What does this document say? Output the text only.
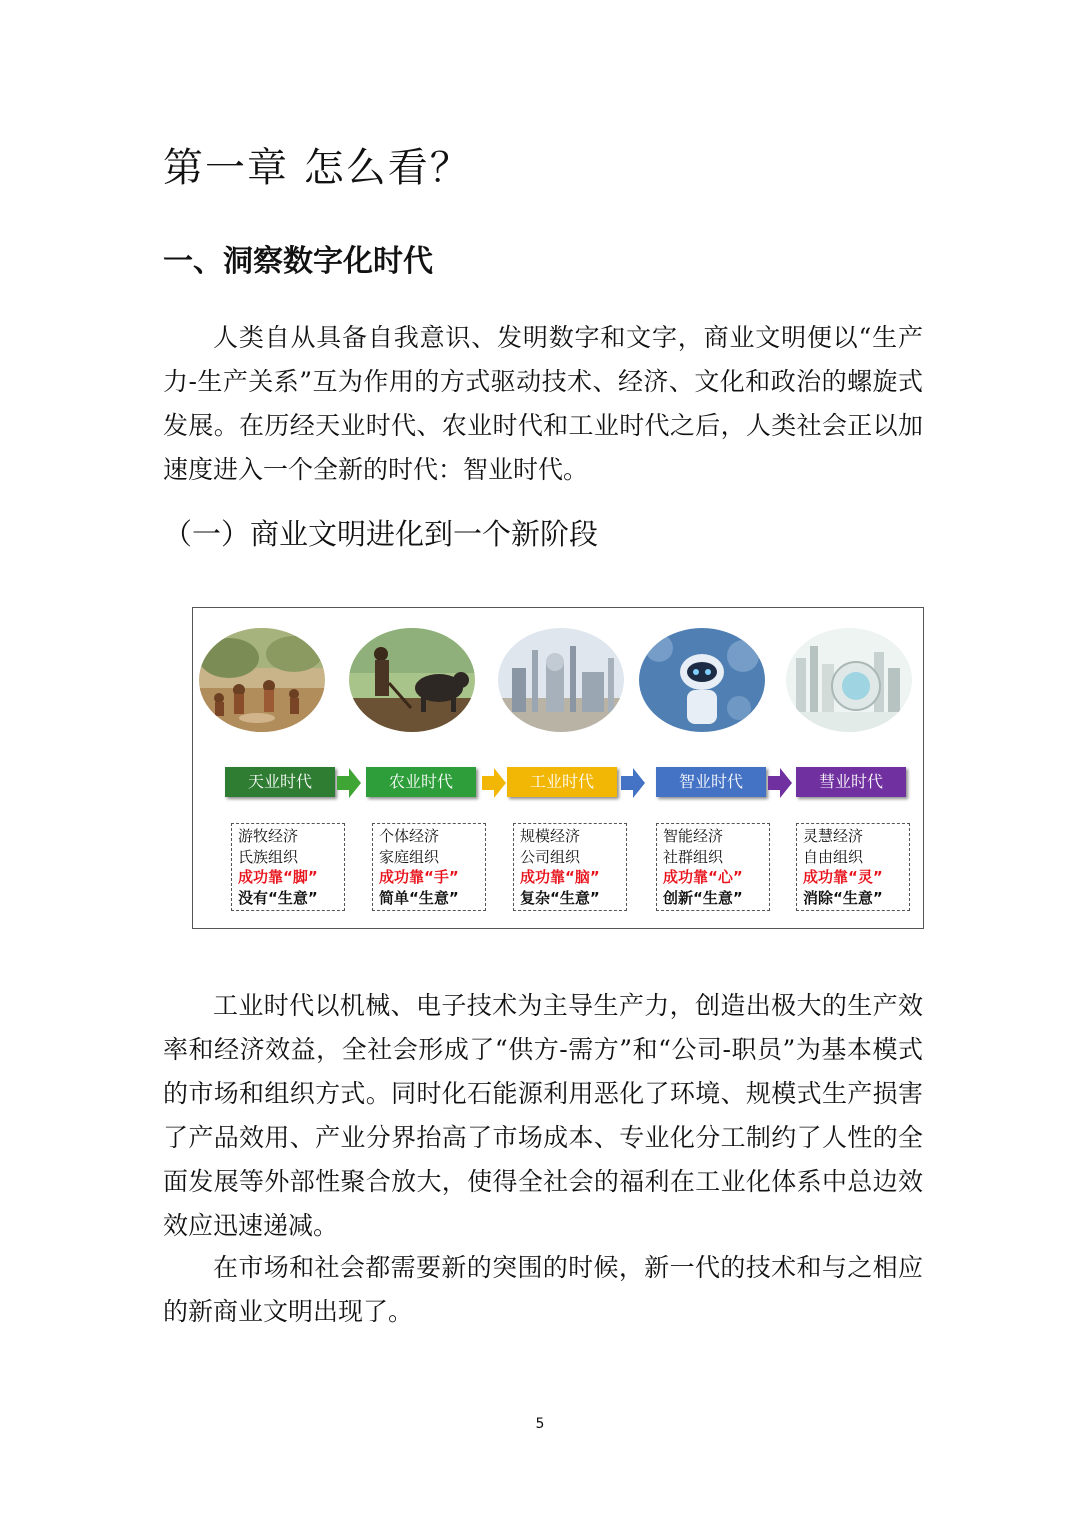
第一章 怎么看？
一、洞察数字化时代

人类自从具备自我意识、发明数字和文字，商业文明便以“生产力-生产关系”互为作用的方式驱动技术、经济、文化和政治的螺旋式发展。在历经天业时代、农业时代和工业时代之后，人类社会正以加速度进入一个全新的时代：智业时代。

（一）商业文明进化到一个新阶段
天业时代
游牧经济
氏族组织
成功靠“脚”
没有“生意”
农业时代
个体经济
家庭组织
成功靠“手”
简单“生意”
工业时代
规模经济
公司组织
成功靠“脑”
复杂“生意”
智业时代
智能经济
社群组织
成功靠“心”
创新“生意”
彗业时代
灵慧经济
自由组织
成功靠“灵”
消除“生意”

工业时代以机械、电子技术为主导生产力，创造出极大的生产效率和经济效益，全社会形成了“供方-需方”和“公司-职员”为基本模式的市场和组织方式。同时化石能源利用恶化了环境、规模式生产损害了产品效用、产业分界抬高了市场成本、专业化分工制约了人性的全面发展等外部性聚合放大，使得全社会的福利在工业化体系中总边效效应迅速递减。

在市场和社会都需要新的突围的时候，新一代的技术和与之相应的新商业文明出现了。

5
